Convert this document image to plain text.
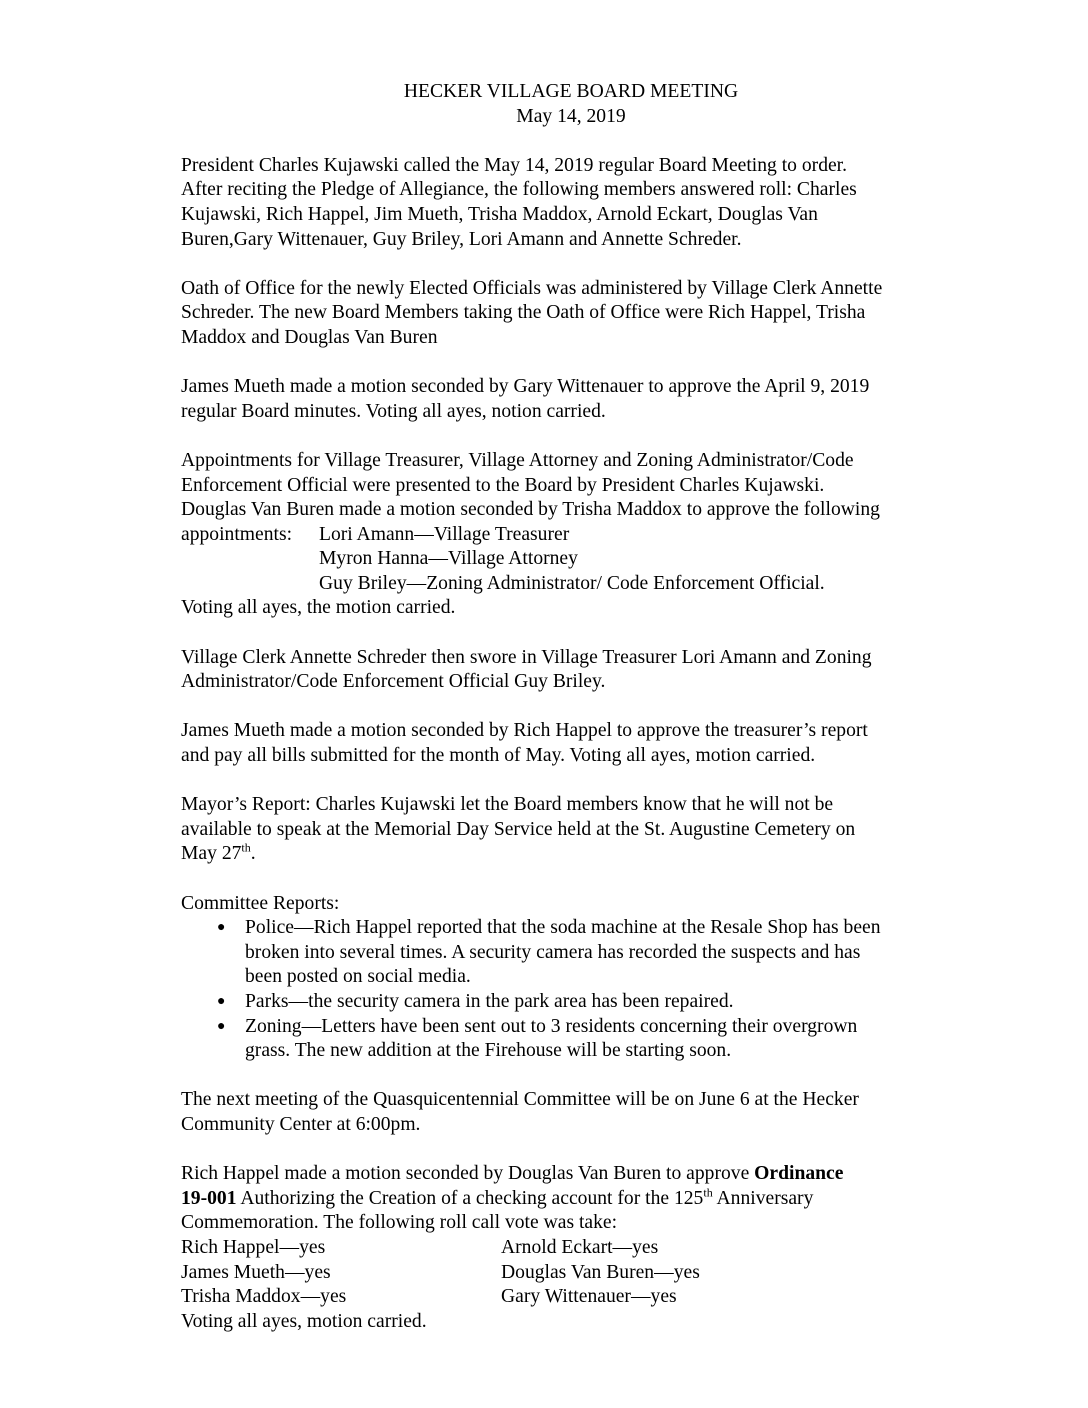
HECKER VILLAGE BOARD MEETING
May 14, 2019
President Charles Kujawski called the May 14, 2019 regular Board Meeting to order.
After reciting the Pledge of Allegiance, the following members answered roll: Charles
Kujawski, Rich Happel, Jim Mueth, Trisha Maddox, Arnold Eckart, Douglas Van
Buren,Gary Wittenauer, Guy Briley, Lori Amann and Annette Schreder.
Oath of Office for the newly Elected Officials was administered by Village Clerk Annette
Schreder. The new Board Members taking the Oath of Office were Rich Happel, Trisha
Maddox and Douglas Van Buren
James Mueth made a motion seconded by Gary Wittenauer to approve the April 9, 2019
regular Board minutes. Voting all ayes, notion carried.
Appointments for Village Treasurer, Village Attorney and Zoning Administrator/Code
Enforcement Official were presented to the Board by President Charles Kujawski.
Douglas Van Buren made a motion seconded by Trisha Maddox to approve the following
appointments: Lori Amann—Village Treasurer
Myron Hanna—Village Attorney
Guy Briley—Zoning Administrator/ Code Enforcement Official.
Voting all ayes, the motion carried.
Village Clerk Annette Schreder then swore in Village Treasurer Lori Amann and Zoning
Administrator/Code Enforcement Official Guy Briley.
James Mueth made a motion seconded by Rich Happel to approve the treasurer’s report
and pay all bills submitted for the month of May. Voting all ayes, motion carried.
Mayor’s Report: Charles Kujawski let the Board members know that he will not be
available to speak at the Memorial Day Service held at the St. Augustine Cemetery on
May 27th.
Committee Reports:
● Police—Rich Happel reported that the soda machine at the Resale Shop has been
broken into several times. A security camera has recorded the suspects and has
been posted on social media.
● Parks—the security camera in the park area has been repaired.
● Zoning—Letters have been sent out to 3 residents concerning their overgrown
grass. The new addition at the Firehouse will be starting soon.
The next meeting of the Quasquicentennial Committee will be on June 6 at the Hecker
Community Center at 6:00pm.
Rich Happel made a motion seconded by Douglas Van Buren to approve Ordinance
19-001 Authorizing the Creation of a checking account for the 125th Anniversary
Commemoration. The following roll call vote was take:
Rich Happel—yes	Arnold Eckart—yes
James Mueth—yes	Douglas Van Buren—yes
Trisha Maddox—yes	Gary Wittenauer—yes
Voting all ayes, motion carried.
